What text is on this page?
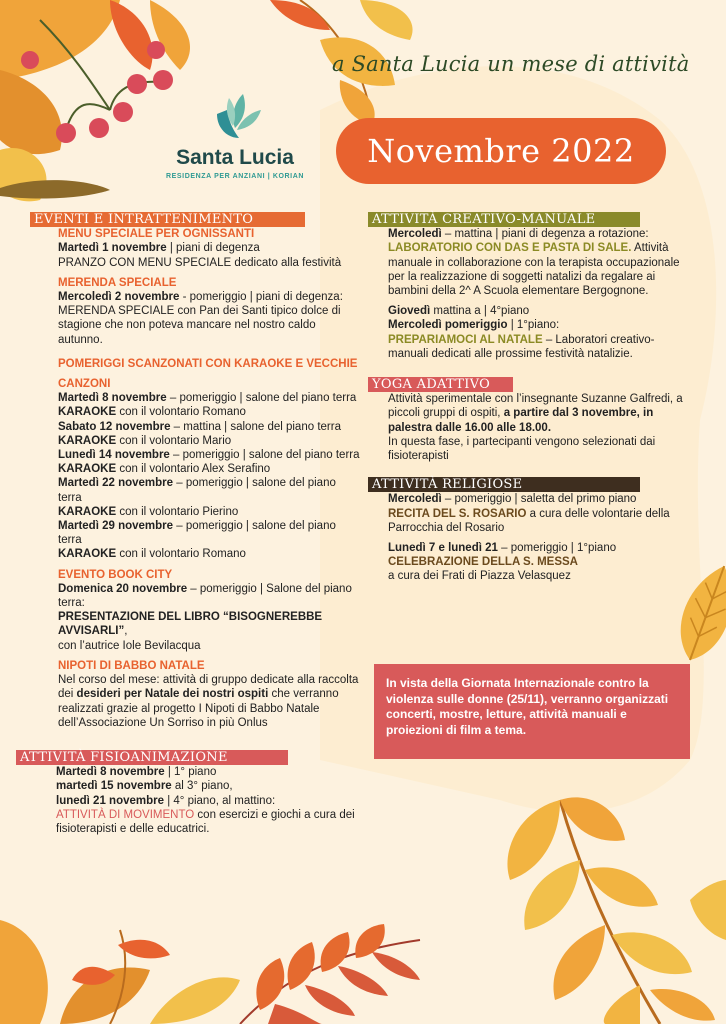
a Santa Lucia un mese di attività
Santa Lucia
RESIDENZA PER ANZIANI | KORIAN
Novembre 2022
EVENTI E INTRATTENIMENTO

MENU SPECIALE PER OGNISSANTI

Martedì 1 novembre | piani di degenza

PRANZO CON MENU SPECIALE dedicato alla festività

MERENDA SPECIALE

Mercoledì 2 novembre - pomeriggio | piani di degenza:

MERENDA SPECIALE con Pan dei Santi tipico dolce di stagione che non poteva mancare nel nostro caldo autunno.

POMERIGGI SCANZONATI CON KARAOKE E VECCHIE

CANZONI

Martedì 8 novembre – pomeriggio | salone del piano terra

KARAOKE con il volontario Romano

Sabato 12 novembre – mattina | salone del piano terra

KARAOKE con il volontario Mario

Lunedì 14 novembre – pomeriggio | salone del piano terra

KARAOKE con il volontario Alex Serafino

Martedì 22 novembre – pomeriggio | salone del piano terra

KARAOKE con il volontario Pierino

Martedì 29 novembre – pomeriggio | salone del piano terra

KARAOKE con il volontario Romano

EVENTO BOOK CITY

Domenica 20 novembre – pomeriggio | Salone del piano terra:

PRESENTAZIONE DEL LIBRO “BISOGNEREBBE AVVISARLI”,

con l’autrice Iole Bevilacqua

NIPOTI DI BABBO NATALE

Nel corso del mese: attività di gruppo dedicate alla raccolta dei desideri per Natale dei nostri ospiti che verranno realizzati grazie al progetto I Nipoti di Babbo Natale dell’Associazione Un Sorriso in più Onlus

ATTIVITÀ FISIOANIMAZIONE

Martedì 8 novembre | 1° piano

martedì 15 novembre al 3° piano,

lunedì 21 novembre | 4° piano, al mattino:

ATTIVITÀ DI MOVIMENTO con esercizi e giochi a cura dei fisioterapisti e delle educatrici.

ATTIVITÀ CREATIVO-MANUALE

Mercoledì – mattina | piani di degenza a rotazione:

LABORATORIO CON DAS E PASTA DI SALE. Attività manuale in collaborazione con la terapista occupazionale per la realizzazione di soggetti natalizi da regalare ai bambini della 2^ A Scuola elementare Bergognone.

Giovedì mattina a | 4°piano

Mercoledì pomeriggio | 1°piano:

PREPARIAMOCI AL NATALE – Laboratori creativo-manuali dedicati alle prossime festività natalizie.

YOGA ADATTIVO

Attività sperimentale con l’insegnante Suzanne Galfredi, a piccoli gruppi di ospiti, a partire dal 3 novembre, in palestra dalle 16.00 alle 18.00.

In questa fase, i partecipanti vengono selezionati dai fisioterapisti

ATTIVITÀ RELIGIOSE

Mercoledì – pomeriggio | saletta del primo piano

RECITA DEL S. ROSARIO a cura delle volontarie della Parrocchia del Rosario

Lunedì 7 e lunedì 21 – pomeriggio | 1°piano

CELEBRAZIONE DELLA S. MESSA

a cura dei Frati di Piazza Velasquez

In vista della Giornata Internazionale contro la violenza sulle donne (25/11), verranno organizzati concerti, mostre, letture, attività manuali e proiezioni di film a tema.
